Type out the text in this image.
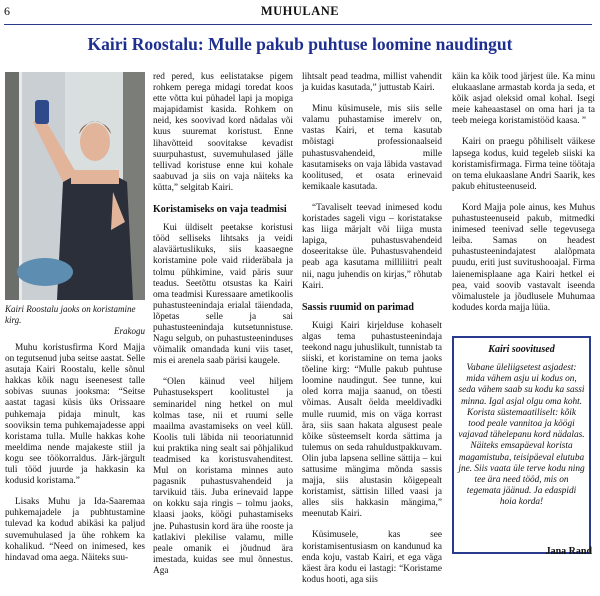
6	MUHULANE
Kairi Roostalu: Mulle pakub puhtuse loomine naudingut
Kairi Roostalu jaoks on koristamine kirg.
Erakogu

Muhu koristusfirma Kord Majja on tegutsenud juba seitse aastat. Selle asutaja Kairi Roostalu, kelle sõnul hakkas kõik nagu iseenesest talle sobivas suunas jooksma: “Seitse aastat tagasi küsis üks Orissaare puhkemaja pidaja minult, kas sooviksin tema puhkemajadesse appi koristama tulla. Mulle hakkas kohe meeldima nende majakeste stiil ja kogu see töökorraldus. Järk-järgult tuli tööd juurde ja hakkasin ka kodusid koristama.”

Lisaks Muhu ja Ida-Saaremaa puhkemajadele ja pubhtustamine tulevad ka kodud abikäsi ka paljud suvemuhulased ja ühe rohkem ka kohalikud. “Need on inimesed, kes hindavad oma aega. Näiteks suu-

red pered, kus eelistatakse pigem rohkem perega midagi toredat koos ette võtta kui pühadel lapi ja mopiga majapidamist kasida. Rohkem on neid, kes soovivad kord nädalas või kuus suuremat koristust. Enne lihavõtteid soovitakse kevadist suurpuhastust, suvemuhulased jälle tellivad koristuse enne kui kohale saabuvad ja siis on vaja näiteks ka kütta,” selgitab Kairi.

Koristamiseks on vaja teadmisi

Kui üldiselt peetakse koristusi tööd selliseks lihtsaks ja veidi alaväärtuslikuks, siis kaasaegne koristamine pole vaid riideräbala ja tolmu pühkimine, vaid päris suur teadus. Seetõttu otsustas ka Kairi oma teadmisi Kuressaare ametikoolis puhastusteenindaja erialal täiendada, lõpetas selle ja sai puhastusteenindaja kutsetunnistuse. Nagu selgub, on puhastusteeninduses võimalik omandada kuni viis taset, mis ei arenela saab pärisi kaugele.

“Olen käinud veel hiljem Puhastusekspert koolitustel ja seminaridel ning hetkel on mul kolmas tase, nii et ruumi selle maailma avastamiseks on veel küll. Koolis tuli läbida nii teooriatunnid kui praktika ning sealt sai põhjalikud teadmised ka koristusvahenditest. Mul on koristama minnes auto pagasnik puhastusvahendeid ja tarvikuid täis. Juba erinevaid lappe on kokku saja ringis – tolmu jaoks, klaasi jaoks, köögi puhastamiseks jne. Puhastusin kord ära ühe rooste ja katlakivi plekilise valamu, mille peale omanik ei jõudnud ära imestada, kuidas see mul õnnestus. Aga

lihtsalt pead teadma, millist vahendit ja kuidas kasutada,” juttustab Kairi.

Minu küsimusele, mis siis selle valamu puhastamise imerelv on, vastas Kairi, et tema kasutab mõistagi professionaalseid puhastusvahendeid, mille kasutamiseks on vaja läbida vastavad koolitused, et osata erinevaid kemikaale kasutada.

“Tavaliselt teevad inimesed kodu koristades sageli vigu – koristatakse kas liiga märjalt või liiga musta lapiga, puhastusvahendeid doseeritakse üle. Puhastusvahendeid peab aga kasutama milliliitri pealt nii, nagu juhendis on kirjas,” rõhutab Kairi.

Sassis ruumid on parimad

Kuigi Kairi kirjelduse kohaselt algas tema puhastusteenindaja teekond nagu juhuslikult, tunnistab ta siiski, et koristamine on tema jaoks tõeline kirg: “Mulle pakub puhtuse loomine naudingut. See tunne, kui oled korra majja saanud, on tõesti võimas. Ausalt öelda meeldivadki mulle ruumid, mis on väga korrast ära, siis saan hakata algusest peale kõike süsteemselt korda sättima ja tulemus on seda rahuldustpakkuvam. Olin juba lapsena selline sättija – kui sattusime mängima mõnda sassis majja, siis alustasin kõigepealt koristamist, sättisin lilled vaasi ja alles siis hakkasin mängima,” meenutab Kairi.

Küsimusele, kas see koristamisentusiasm on kandunud ka enda koju, vastab Kairi, et ega väga käest ära kodu ei lastagi: “Koristame kodus hooti, aga siis

käin ka kõik tood järjest üle. Ka minu elukaaslane armastab korda ja seda, et kõik asjad oleksid omal kohal. Isegi meie kaheaastasel on oma hari ja ta teeb meiega koristamistööd kaasa. ”

Kairi on praegu põhiliselt väikese lapsega kodus, kuid tegeleb siiski ka koristamisfirmaga. Firma teine töötaja on tema elukaaslane Andri Saarik, kes pakub ehitusteenuseid.

Kord Majja pole ainus, kes Muhus puhastusteenuseid pakub, mitmedki inimesed teenivad selle tegevusega leiba. Samas on headest puhastusteenindajatest alalõpmata puudu, eriti just suvitushooajal. Firma laienemisplaane aga Kairi hetkel ei pea, vaid soovib vastavalt iseenda võimalustele ja jõudlusele Muhumaa kodudes korda majja lüüa.

Kairi soovitused
Vabane üleliigsetest asjadest: mida vähem asju ui kodus on, seda vähem saab su kodu ka sassi minna. Igal asjal olgu oma koht. Korista süstemaatiliselt: kõik tood peale vannitoa ja köögi vajavad tähelepanu kord nädalas. Näiteks emsapäeval korista magamistuba, teisipäeval elutuba jne. Siis vaata üle terve kodu ning tee ära need tööd, mis on tegemata jäänud. Ja edaspidi hoia korda!
Jana Rand
